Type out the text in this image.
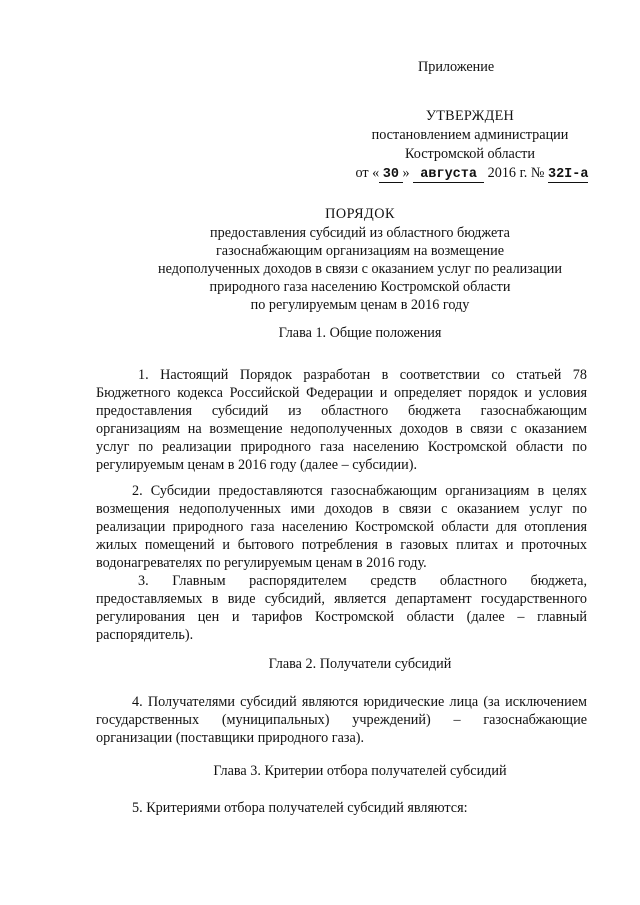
Приложение
УТВЕРЖДЕН
постановлением администрации
Костромской области
от « 30 » августа 2016 г. № 32I-а
ПОРЯДОК
предоставления субсидий из областного бюджета
газоснабжающим организациям на возмещение
недополученных доходов в связи с оказанием услуг по реализации
природного газа населению Костромской области
по регулируемым ценам в 2016 году
Глава 1. Общие положения
1. Настоящий Порядок разработан в соответствии со статьей 78 Бюджетного кодекса Российской Федерации и определяет порядок и условия предоставления субсидий из областного бюджета газоснабжающим организациям на возмещение недополученных доходов в связи с оказанием услуг по реализации природного газа населению Костромской области по регулируемым ценам в 2016 году (далее – субсидии).
2. Субсидии предоставляются газоснабжающим организациям в целях возмещения недополученных ими доходов в связи с оказанием услуг по реализации природного газа населению Костромской области для отопления жилых помещений и бытового потребления в газовых плитах и проточных водонагревателях по регулируемым ценам в 2016 году.
3. Главным распорядителем средств областного бюджета, предоставляемых в виде субсидий, является департамент государственного регулирования цен и тарифов Костромской области (далее – главный распорядитель).
Глава 2. Получатели субсидий
4. Получателями субсидий являются юридические лица (за исключением государственных (муниципальных) учреждений) – газоснабжающие организации (поставщики природного газа).
Глава 3. Критерии отбора получателей субсидий
5. Критериями отбора получателей субсидий являются:
